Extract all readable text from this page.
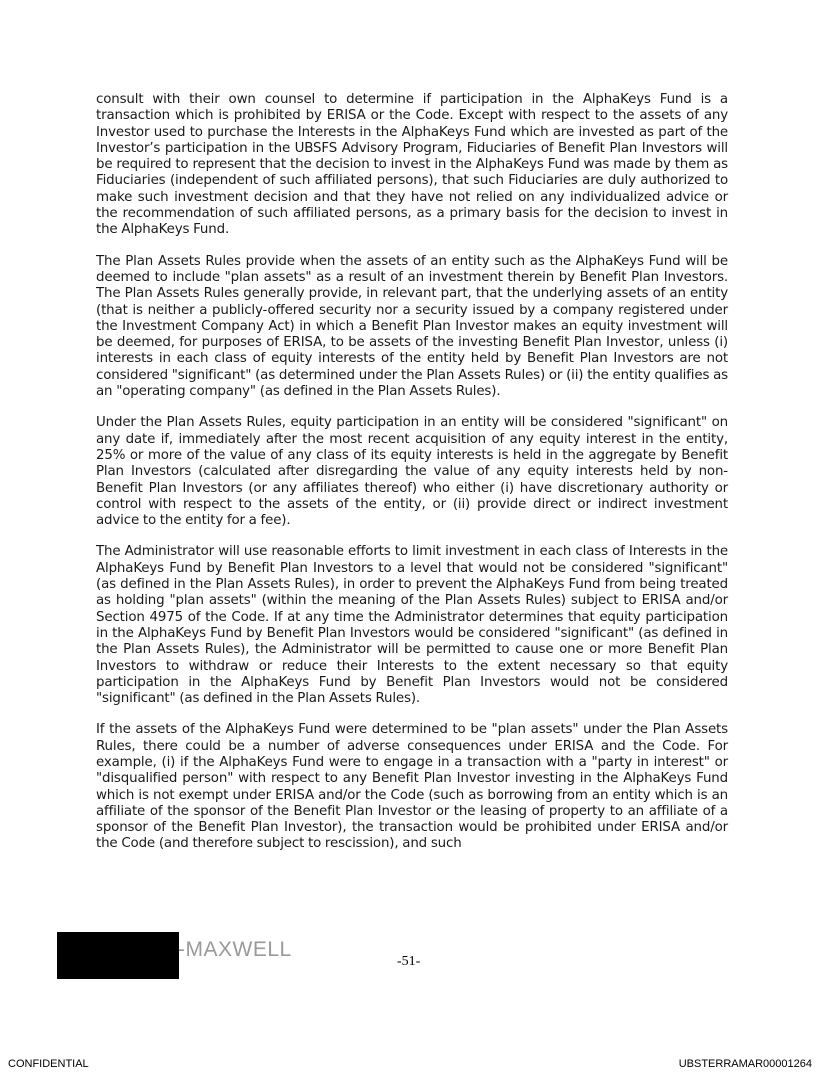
consult with their own counsel to determine if participation in the AlphaKeys Fund is a transaction which is prohibited by ERISA or the Code. Except with respect to the assets of any Investor used to purchase the Interests in the AlphaKeys Fund which are invested as part of the Investor’s participation in the UBSFS Advisory Program, Fiduciaries of Benefit Plan Investors will be required to represent that the decision to invest in the AlphaKeys Fund was made by them as Fiduciaries (independent of such affiliated persons), that such Fiduciaries are duly authorized to make such investment decision and that they have not relied on any individualized advice or the recommendation of such affiliated persons, as a primary basis for the decision to invest in the AlphaKeys Fund.

The Plan Assets Rules provide when the assets of an entity such as the AlphaKeys Fund will be deemed to include "plan assets" as a result of an investment therein by Benefit Plan Investors. The Plan Assets Rules generally provide, in relevant part, that the underlying assets of an entity (that is neither a publicly-offered security nor a security issued by a company registered under the Investment Company Act) in which a Benefit Plan Investor makes an equity investment will be deemed, for purposes of ERISA, to be assets of the investing Benefit Plan Investor, unless (i) interests in each class of equity interests of the entity held by Benefit Plan Investors are not considered "significant" (as determined under the Plan Assets Rules) or (ii) the entity qualifies as an "operating company" (as defined in the Plan Assets Rules).

Under the Plan Assets Rules, equity participation in an entity will be considered "significant" on any date if, immediately after the most recent acquisition of any equity interest in the entity, 25% or more of the value of any class of its equity interests is held in the aggregate by Benefit Plan Investors (calculated after disregarding the value of any equity interests held by non-Benefit Plan Investors (or any affiliates thereof) who either (i) have discretionary authority or control with respect to the assets of the entity, or (ii) provide direct or indirect investment advice to the entity for a fee).

The Administrator will use reasonable efforts to limit investment in each class of Interests in the AlphaKeys Fund by Benefit Plan Investors to a level that would not be considered "significant" (as defined in the Plan Assets Rules), in order to prevent the AlphaKeys Fund from being treated as holding "plan assets" (within the meaning of the Plan Assets Rules) subject to ERISA and/or Section 4975 of the Code. If at any time the Administrator determines that equity participation in the AlphaKeys Fund by Benefit Plan Investors would be considered "significant" (as defined in the Plan Assets Rules), the Administrator will be permitted to cause one or more Benefit Plan Investors to withdraw or reduce their Interests to the extent necessary so that equity participation in the AlphaKeys Fund by Benefit Plan Investors would not be considered "significant" (as defined in the Plan Assets Rules).

If the assets of the AlphaKeys Fund were determined to be "plan assets" under the Plan Assets Rules, there could be a number of adverse consequences under ERISA and the Code. For example, (i) if the AlphaKeys Fund were to engage in a transaction with a "party in interest" or "disqualified person" with respect to any Benefit Plan Investor investing in the AlphaKeys Fund which is not exempt under ERISA and/or the Code (such as borrowing from an entity which is an affiliate of the sponsor of the Benefit Plan Investor or the leasing of property to an affiliate of a sponsor of the Benefit Plan Investor), the transaction would be prohibited under ERISA and/or the Code (and therefore subject to rescission), and such

-MAXWELL
-51-
CONFIDENTIAL	UBSTERRAMAR00001264
